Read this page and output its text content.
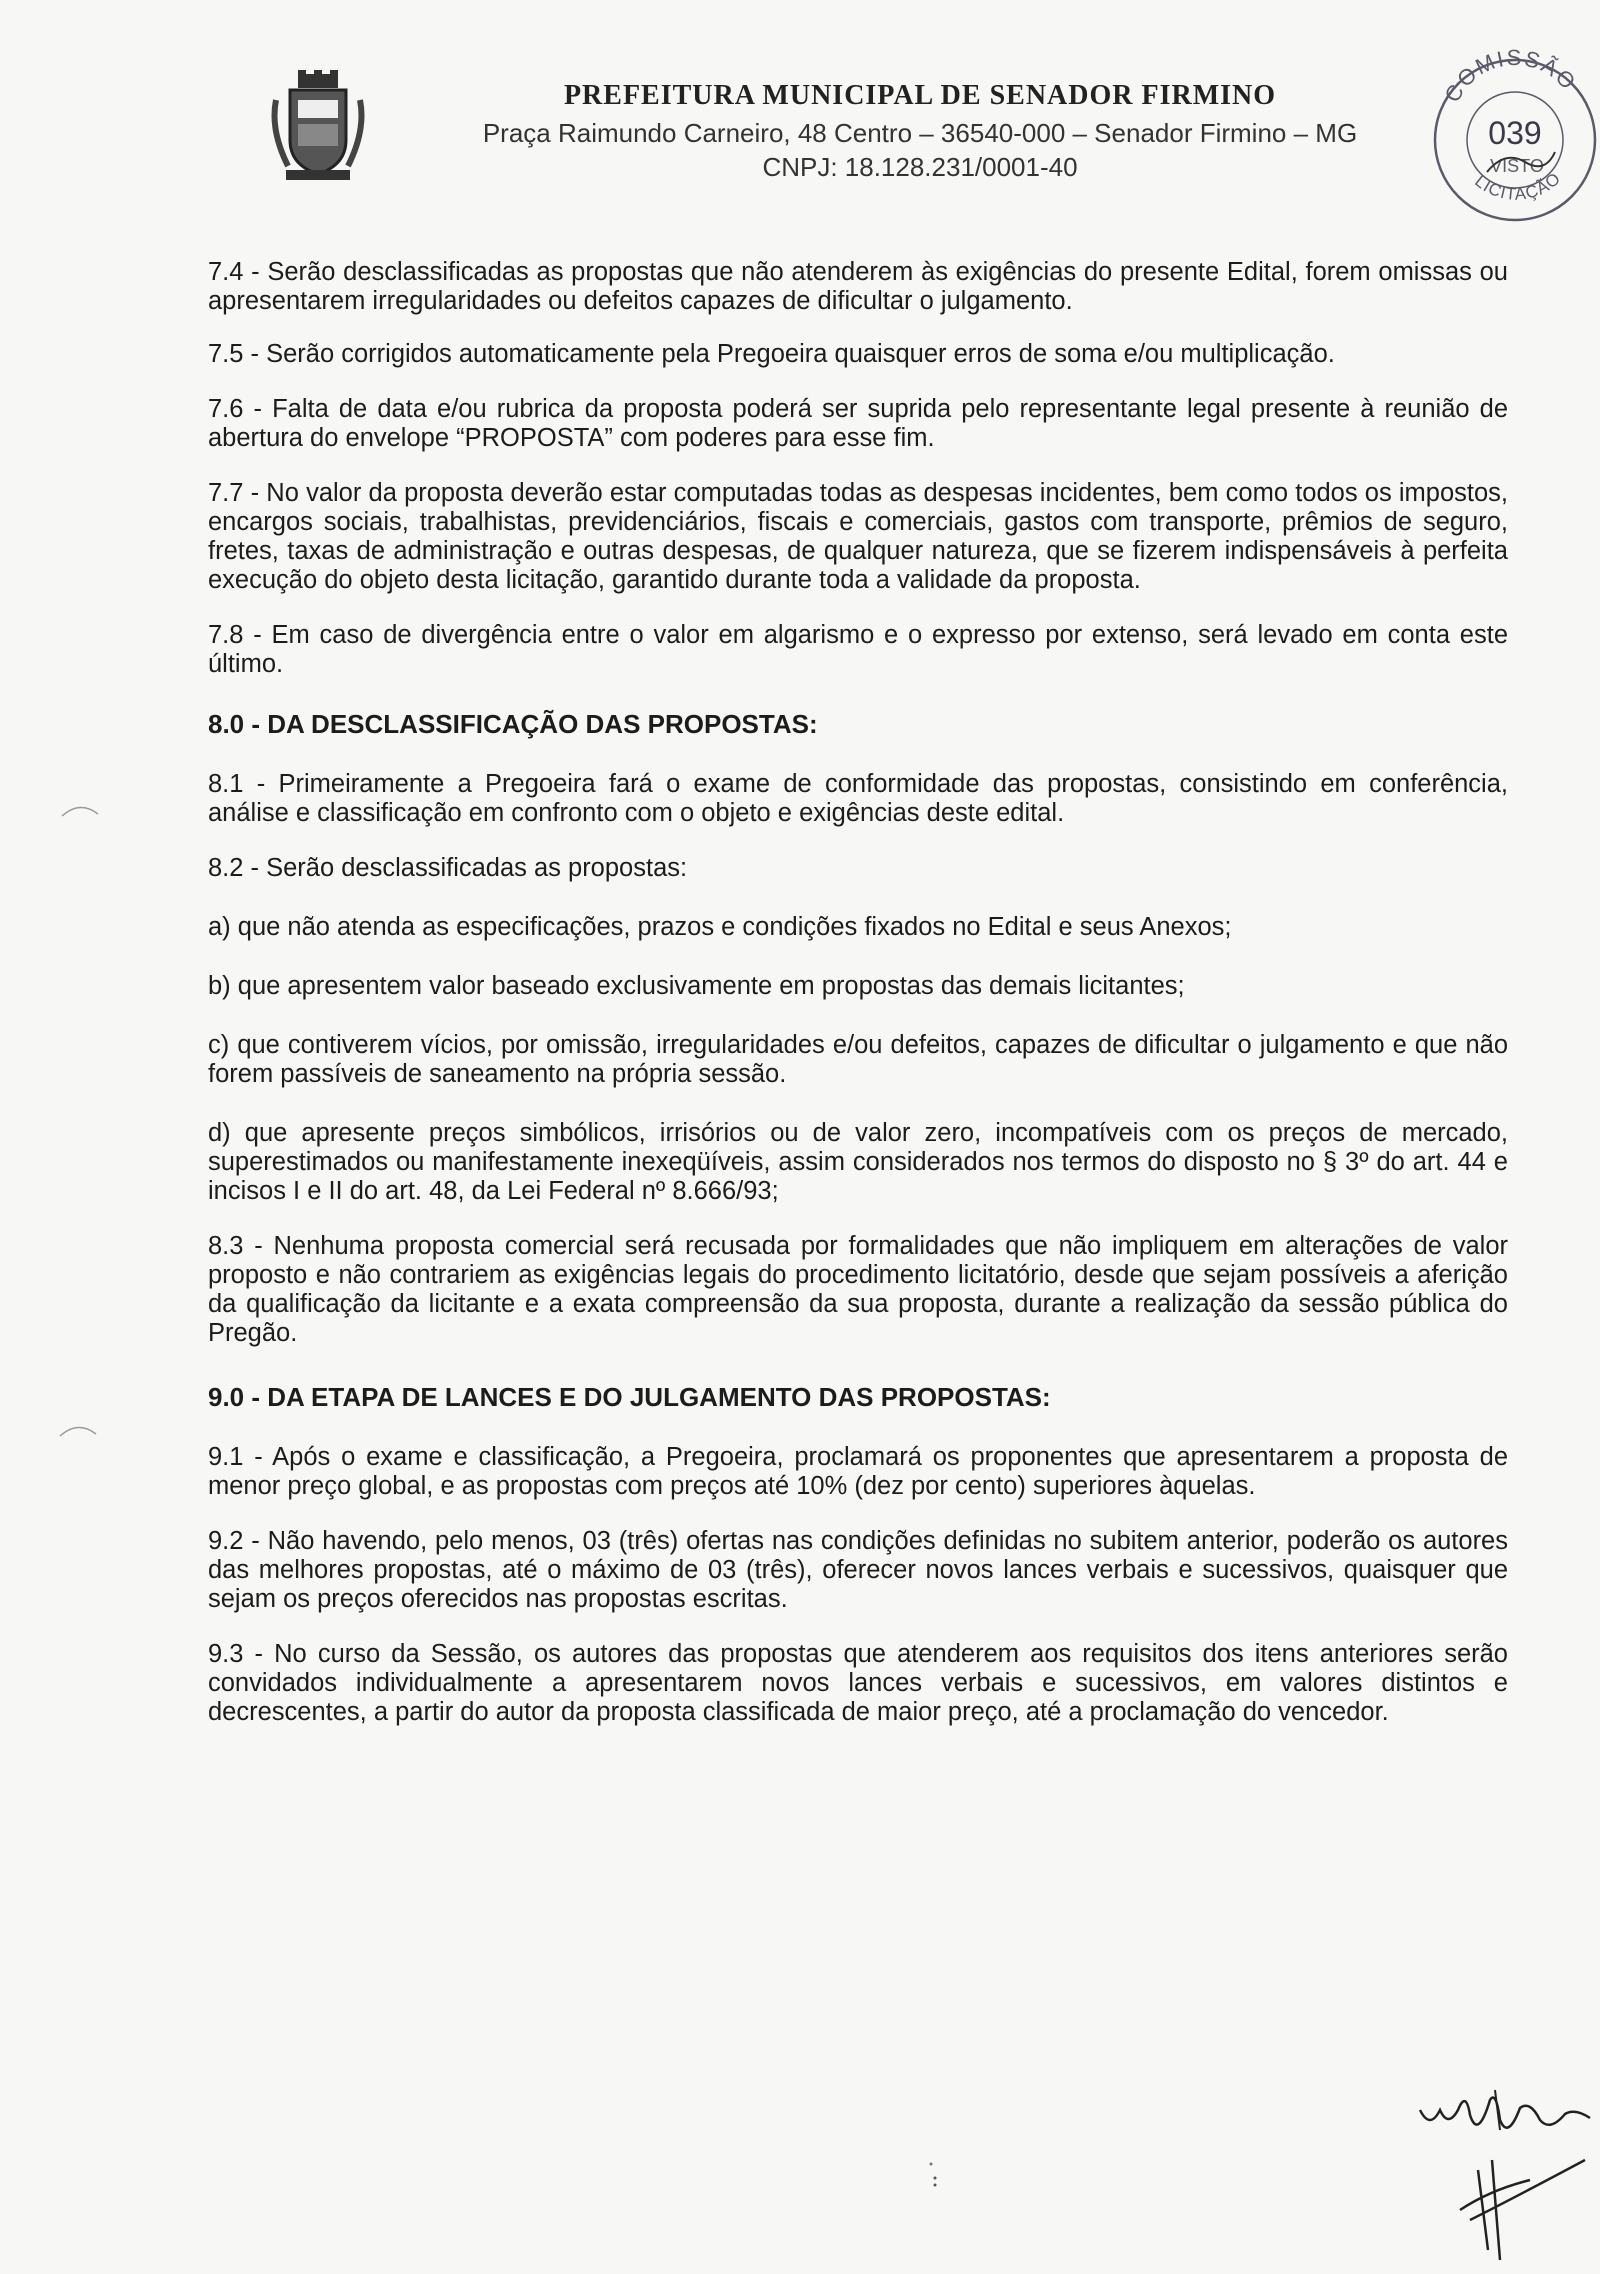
PREFEITURA MUNICIPAL DE SENADOR FIRMINO
Praça Raimundo Carneiro, 48 Centro – 36540-000 – Senador Firmino – MG
CNPJ: 18.128.231/0001-40
COMISSÃO
039
VISTO
LICITAÇÃO

7.4 - Serão desclassificadas as propostas que não atenderem às exigências do presente Edital, forem omissas ou apresentarem irregularidades ou defeitos capazes de dificultar o julgamento.

7.5 - Serão corrigidos automaticamente pela Pregoeira quaisquer erros de soma e/ou multiplicação.

7.6 - Falta de data e/ou rubrica da proposta poderá ser suprida pelo representante legal presente à reunião de abertura do envelope “PROPOSTA” com poderes para esse fim.

7.7 - No valor da proposta deverão estar computadas todas as despesas incidentes, bem como todos os impostos, encargos sociais, trabalhistas, previdenciários, fiscais e comerciais, gastos com transporte, prêmios de seguro, fretes, taxas de administração e outras despesas, de qualquer natureza, que se fizerem indispensáveis à perfeita execução do objeto desta licitação, garantido durante toda a validade da proposta.

7.8 - Em caso de divergência entre o valor em algarismo e o expresso por extenso, será levado em conta este último.

8.0 - DA DESCLASSIFICAÇÃO DAS PROPOSTAS:

8.1 - Primeiramente a Pregoeira fará o exame de conformidade das propostas, consistindo em conferência, análise e classificação em confronto com o objeto e exigências deste edital.

8.2 - Serão desclassificadas as propostas:

a) que não atenda as especificações, prazos e condições fixados no Edital e seus Anexos;

b) que apresentem valor baseado exclusivamente em propostas das demais licitantes;

c) que contiverem vícios, por omissão, irregularidades e/ou defeitos, capazes de dificultar o julgamento e que não forem passíveis de saneamento na própria sessão.

d) que apresente preços simbólicos, irrisórios ou de valor zero, incompatíveis com os preços de mercado, superestimados ou manifestamente inexeqüíveis, assim considerados nos termos do disposto no § 3º do art. 44 e incisos I e II do art. 48, da Lei Federal nº 8.666/93;

8.3 - Nenhuma proposta comercial será recusada por formalidades que não impliquem em alterações de valor proposto e não contrariem as exigências legais do procedimento licitatório, desde que sejam possíveis a aferição da qualificação da licitante e a exata compreensão da sua proposta, durante a realização da sessão pública do Pregão.

9.0 - DA ETAPA DE LANCES E DO JULGAMENTO DAS PROPOSTAS:

9.1 - Após o exame e classificação, a Pregoeira, proclamará os proponentes que apresentarem a proposta de menor preço global, e as propostas com preços até 10% (dez por cento) superiores àquelas.

9.2 - Não havendo, pelo menos, 03 (três) ofertas nas condições definidas no subitem anterior, poderão os autores das melhores propostas, até o máximo de 03 (três), oferecer novos lances verbais e sucessivos, quaisquer que sejam os preços oferecidos nas propostas escritas.

9.3 - No curso da Sessão, os autores das propostas que atenderem aos requisitos dos itens anteriores serão convidados individualmente a apresentarem novos lances verbais e sucessivos, em valores distintos e decrescentes, a partir do autor da proposta classificada de maior preço, até a proclamação do vencedor.
